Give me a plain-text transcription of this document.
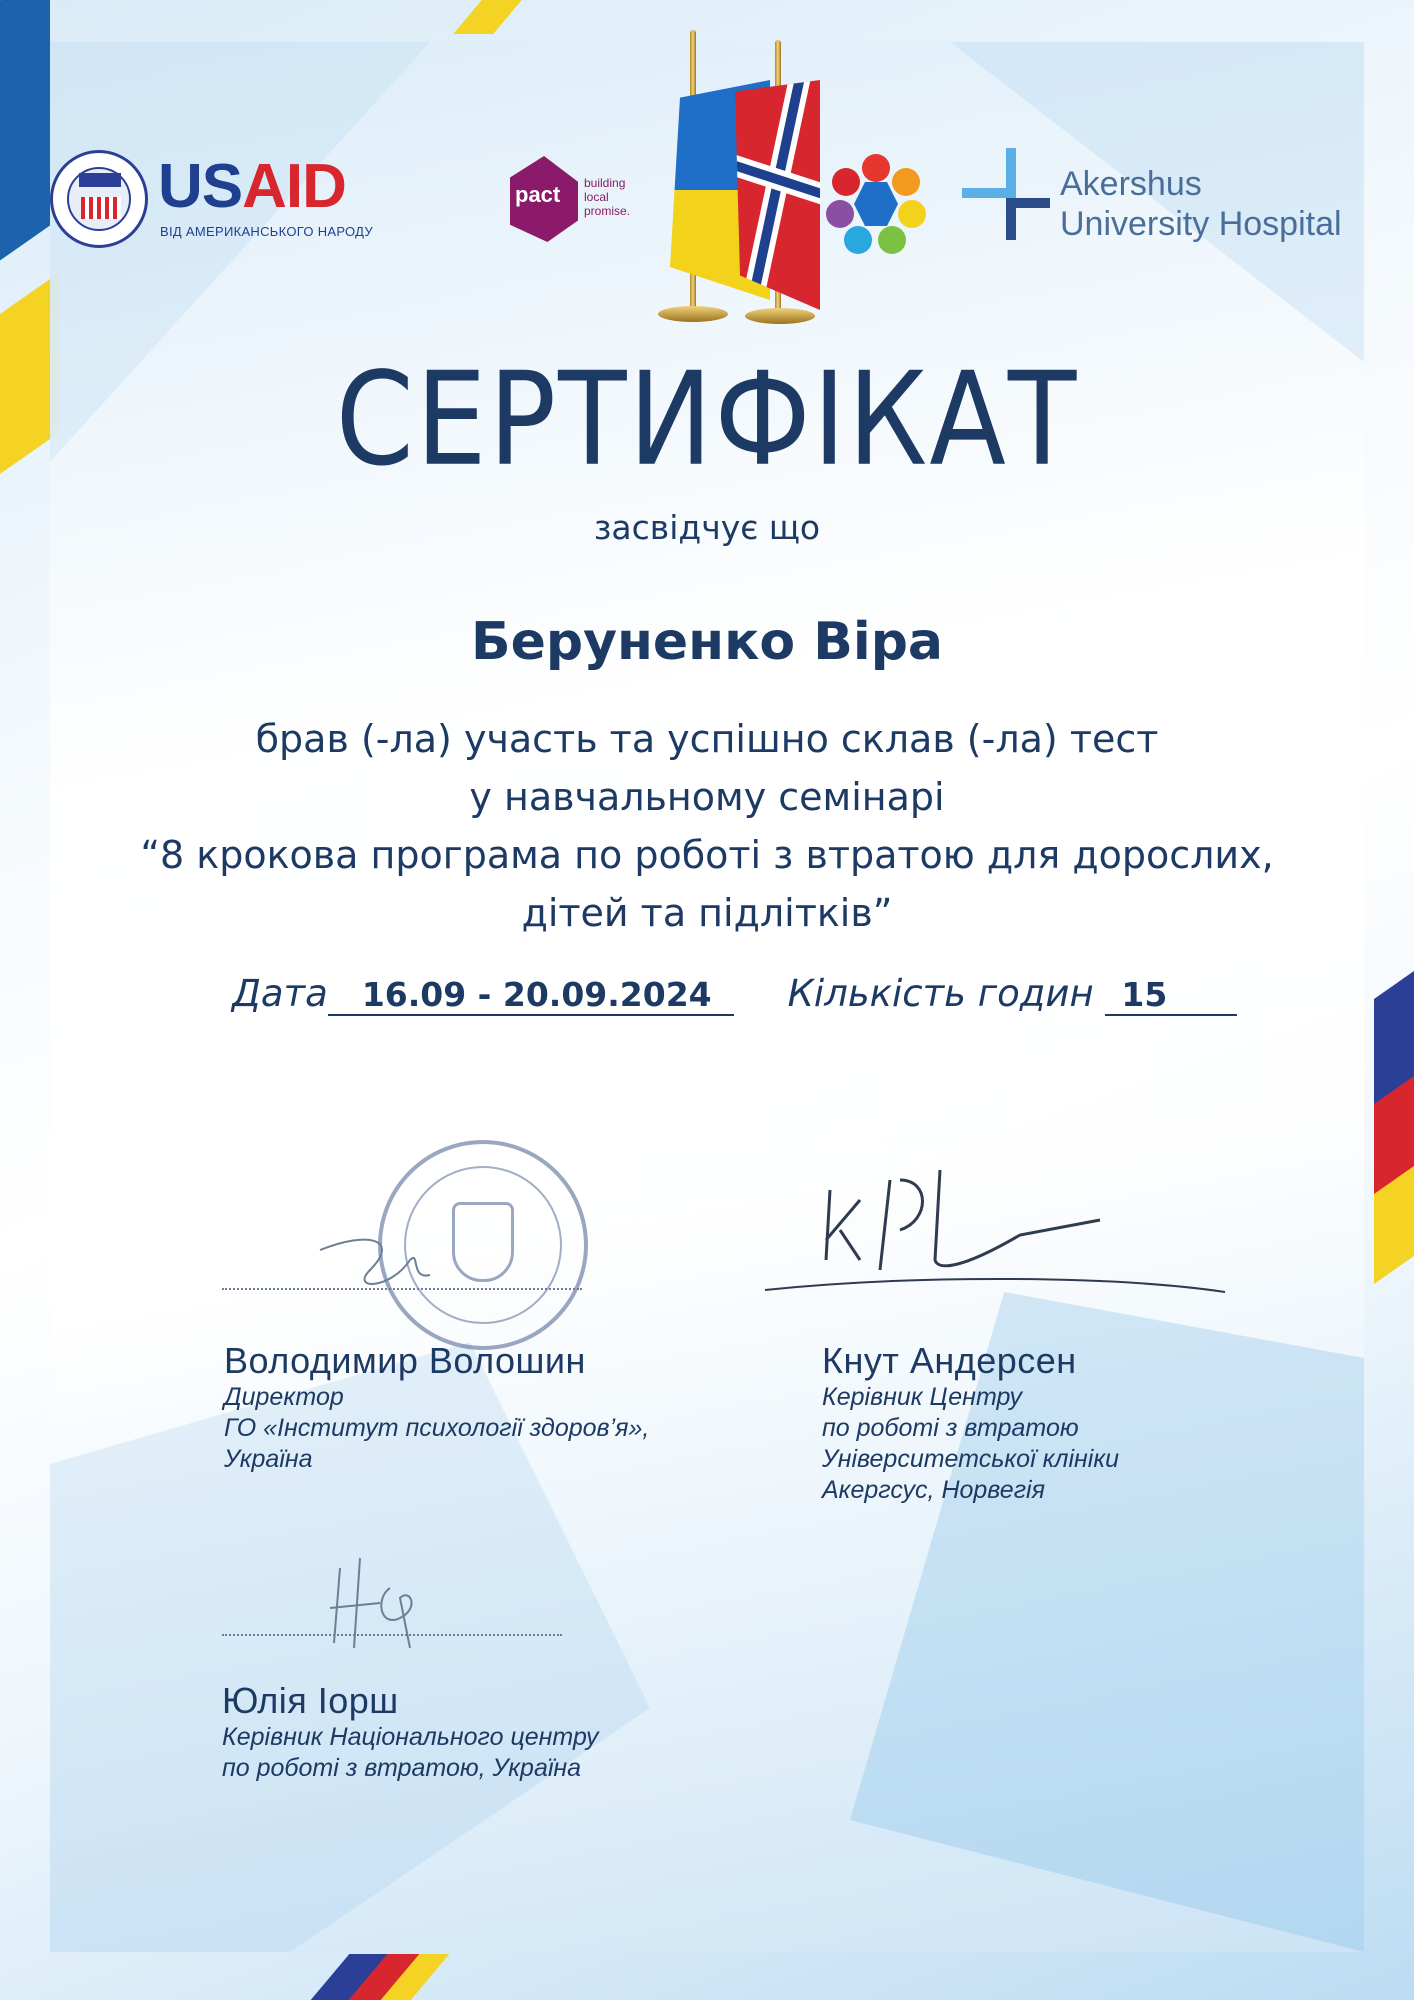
USAID
ВІД АМЕРИКАНСЬКОГО НАРОДУ
pact building
local
promise.
Akershus
University Hospital
СЕРТИФІКАТ
засвідчує що
Беруненко Віра
брав (-ла) участь та успішно склав (-ла) тест
у навчальному семінарі
“8 крокова програма по роботі з втратою для дорослих,
дітей та підлітків”
Дата 16.09 - 20.09.2024 Кількість годин 15
Володимир Волошин
Директор
ГО «Інститут психології здоров’я»,
Україна
Кнут Андерсен
Керівник Центру
по роботі з втратою
Університетської клініки
Акергсус, Норвегія
Юлія Іорш
Керівник Національного центру
по роботі з втратою, Україна
